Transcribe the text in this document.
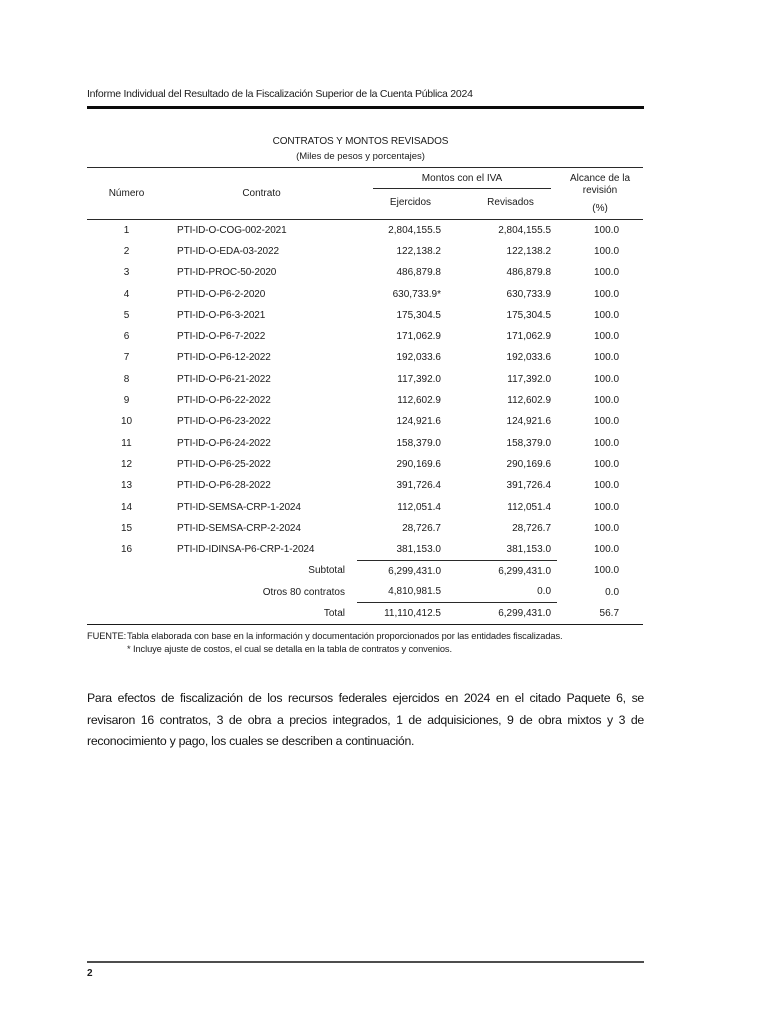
Informe Individual del Resultado de la Fiscalización Superior de la Cuenta Pública 2024
CONTRATOS Y MONTOS REVISADOS
(Miles de pesos y porcentajes)
Número	Contrato	Montos con el IVA		Alcance de la revisión
(%)

		Ejercidos	Revisados	
1	PTI-ID-O-COG-002-2021	2,804,155.5	2,804,155.5	100.0
2	PTI-ID-O-EDA-03-2022	122,138.2	122,138.2	100.0
3	PTI-ID-PROC-50-2020	486,879.8	486,879.8	100.0
4	PTI-ID-O-P6-2-2020	630,733.9*	630,733.9	100.0
5	PTI-ID-O-P6-3-2021	175,304.5	175,304.5	100.0
6	PTI-ID-O-P6-7-2022	171,062.9	171,062.9	100.0
7	PTI-ID-O-P6-12-2022	192,033.6	192,033.6	100.0
8	PTI-ID-O-P6-21-2022	117,392.0	117,392.0	100.0
9	PTI-ID-O-P6-22-2022	112,602.9	112,602.9	100.0
10	PTI-ID-O-P6-23-2022	124,921.6	124,921.6	100.0
11	PTI-ID-O-P6-24-2022	158,379.0	158,379.0	100.0
12	PTI-ID-O-P6-25-2022	290,169.6	290,169.6	100.0
13	PTI-ID-O-P6-28-2022	391,726.4	391,726.4	100.0
14	PTI-ID-SEMSA-CRP-1-2024	112,051.4	112,051.4	100.0
15	PTI-ID-SEMSA-CRP-2-2024	28,726.7	28,726.7	100.0
16	PTI-ID-IDINSA-P6-CRP-1-2024	381,153.0	381,153.0	100.0
Subtotal		6,299,431.0	6,299,431.0	100.0
Otros 80 contratos		4,810,981.5	0.0	0.0
Total		11,110,412.5	6,299,431.0	56.7
FUENTE: Tabla elaborada con base en la información y documentación proporcionados por las entidades fiscalizadas.
* Incluye ajuste de costos, el cual se detalla en la tabla de contratos y convenios.
Para efectos de fiscalización de los recursos federales ejercidos en 2024 en el citado Paquete 6, se revisaron 16 contratos, 3 de obra a precios integrados, 1 de adquisiciones, 9 de obra mixtos y 3 de reconocimiento y pago, los cuales se describen a continuación.
2
